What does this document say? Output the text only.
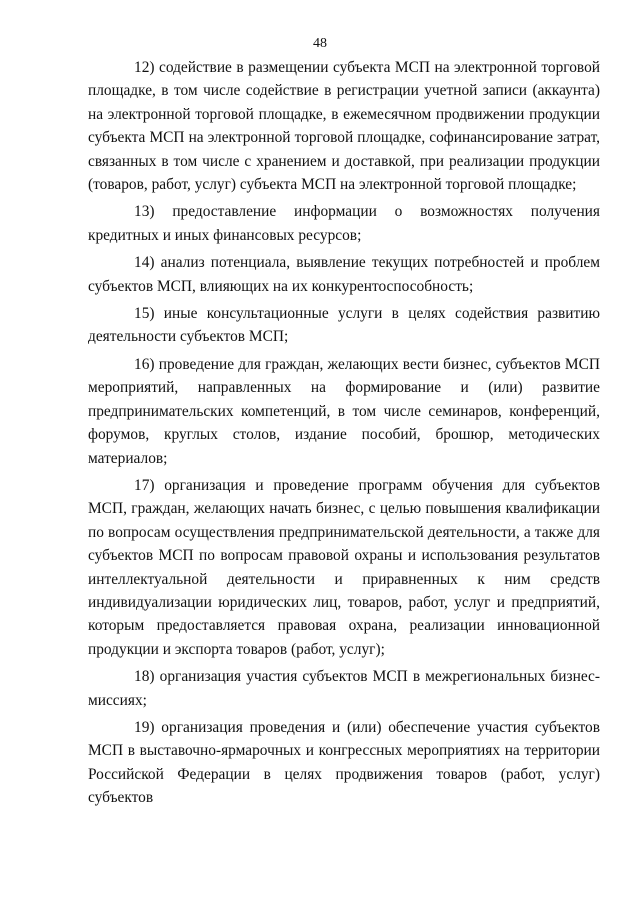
48

12) содействие в размещении субъекта МСП на электронной торговой площадке, в том числе содействие в регистрации учетной записи (аккаунта) на электронной торговой площадке, в ежемесячном продвижении продукции субъекта МСП на электронной торговой площадке, софинансирование затрат, связанных в том числе с хранением и доставкой, при реализации продукции (товаров, работ, услуг) субъекта МСП на электронной торговой площадке;

13) предоставление информации о возможностях получения кредитных и иных финансовых ресурсов;

14) анализ потенциала, выявление текущих потребностей и проблем субъектов МСП, влияющих на их конкурентоспособность;

15) иные консультационные услуги в целях содействия развитию деятельности субъектов МСП;

16) проведение для граждан, желающих вести бизнес, субъектов МСП мероприятий, направленных на формирование и (или) развитие предпринимательских компетенций, в том числе семинаров, конференций, форумов, круглых столов, издание пособий, брошюр, методических материалов;

17) организация и проведение программ обучения для субъектов МСП, граждан, желающих начать бизнес, с целью повышения квалификации по вопросам осуществления предпринимательской деятельности, а также для субъектов МСП по вопросам правовой охраны и использования результатов интеллектуальной деятельности и приравненных к ним средств индивидуализации юридических лиц, товаров, работ, услуг и предприятий, которым предоставляется правовая охрана, реализации инновационной продукции и экспорта товаров (работ, услуг);

18) организация участия субъектов МСП в межрегиональных бизнес-миссиях;

19) организация проведения и (или) обеспечение участия субъектов МСП в выставочно-ярмарочных и конгрессных мероприятиях на территории Российской Федерации в целях продвижения товаров (работ, услуг) субъектов
